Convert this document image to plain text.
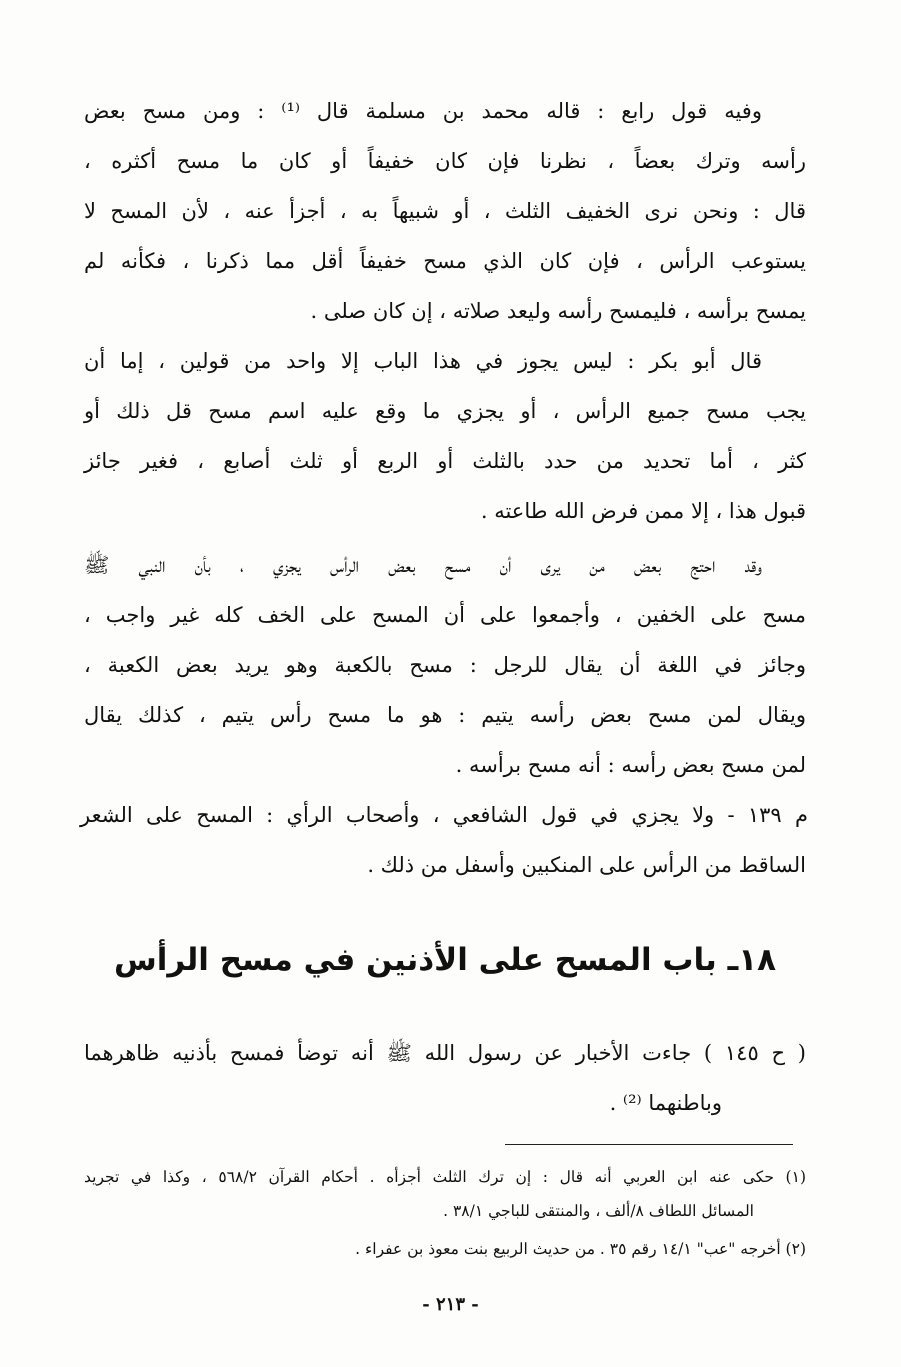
وفيه قول رابع : قاله محمد بن مسلمة قال ⁽¹⁾ : ومن مسح بعض
رأسه وترك بعضاً ، نظرنا فإن كان خفيفاً أو كان ما مسح أكثره ،
قال : ونحن نرى الخفيف الثلث ، أو شبيهاً به ، أجزأ عنه ، لأن المسح لا
يستوعب الرأس ، فإن كان الذي مسح خفيفاً أقل مما ذكرنا ، فكأنه لم
يمسح برأسه ، فليمسح رأسه وليعد صلاته ، إن كان صلى .
قال أبو بكر : ليس يجوز في هذا الباب إلا واحد من قولين ، إما أن
يجب مسح جميع الرأس ، أو يجزي ما وقع عليه اسم مسح قل ذلك أو
كثر ، أما تحديد من حدد بالثلث أو الربع أو ثلث أصابع ، فغير جائز
قبول هذا ، إلا ممن فرض الله طاعته .
وقد احتج بعض من يرى أن مسح بعض الرأس يجزي ، بأن النبي ﷺ
مسح على الخفين ، وأجمعوا على أن المسح على الخف كله غير واجب ،
وجائز في اللغة أن يقال للرجل : مسح بالكعبة وهو يريد بعض الكعبة ،
ويقال لمن مسح بعض رأسه يتيم : هو ما مسح رأس يتيم ، كذلك يقال
لمن مسح بعض رأسه : أنه مسح برأسه .
م ١٣٩ - ولا يجزي في قول الشافعي ، وأصحاب الرأي : المسح على الشعر
الساقط من الرأس على المنكبين وأسفل من ذلك .
١٨ـ باب المسح على الأذنين في مسح الرأس
( ح ١٤٥ ) جاءت الأخبار عن رسول الله ﷺ أنه توضأ فمسح بأذنيه ظاهرهما
وباطنهما ⁽²⁾ .
(١) حكى عنه ابن العربي أنه قال : إن ترك الثلث أجزأه . أحكام القرآن ٥٦٨/٢ ، وكذا في تجريد
المسائل اللطاف ٨/ألف ، والمنتقى للباجي ٣٨/١ .
(٢) أخرجه "عب" ١٤/١ رقم ٣٥ . من حديث الربيع بنت معوذ بن عفراء .
- ٢١٣ -
